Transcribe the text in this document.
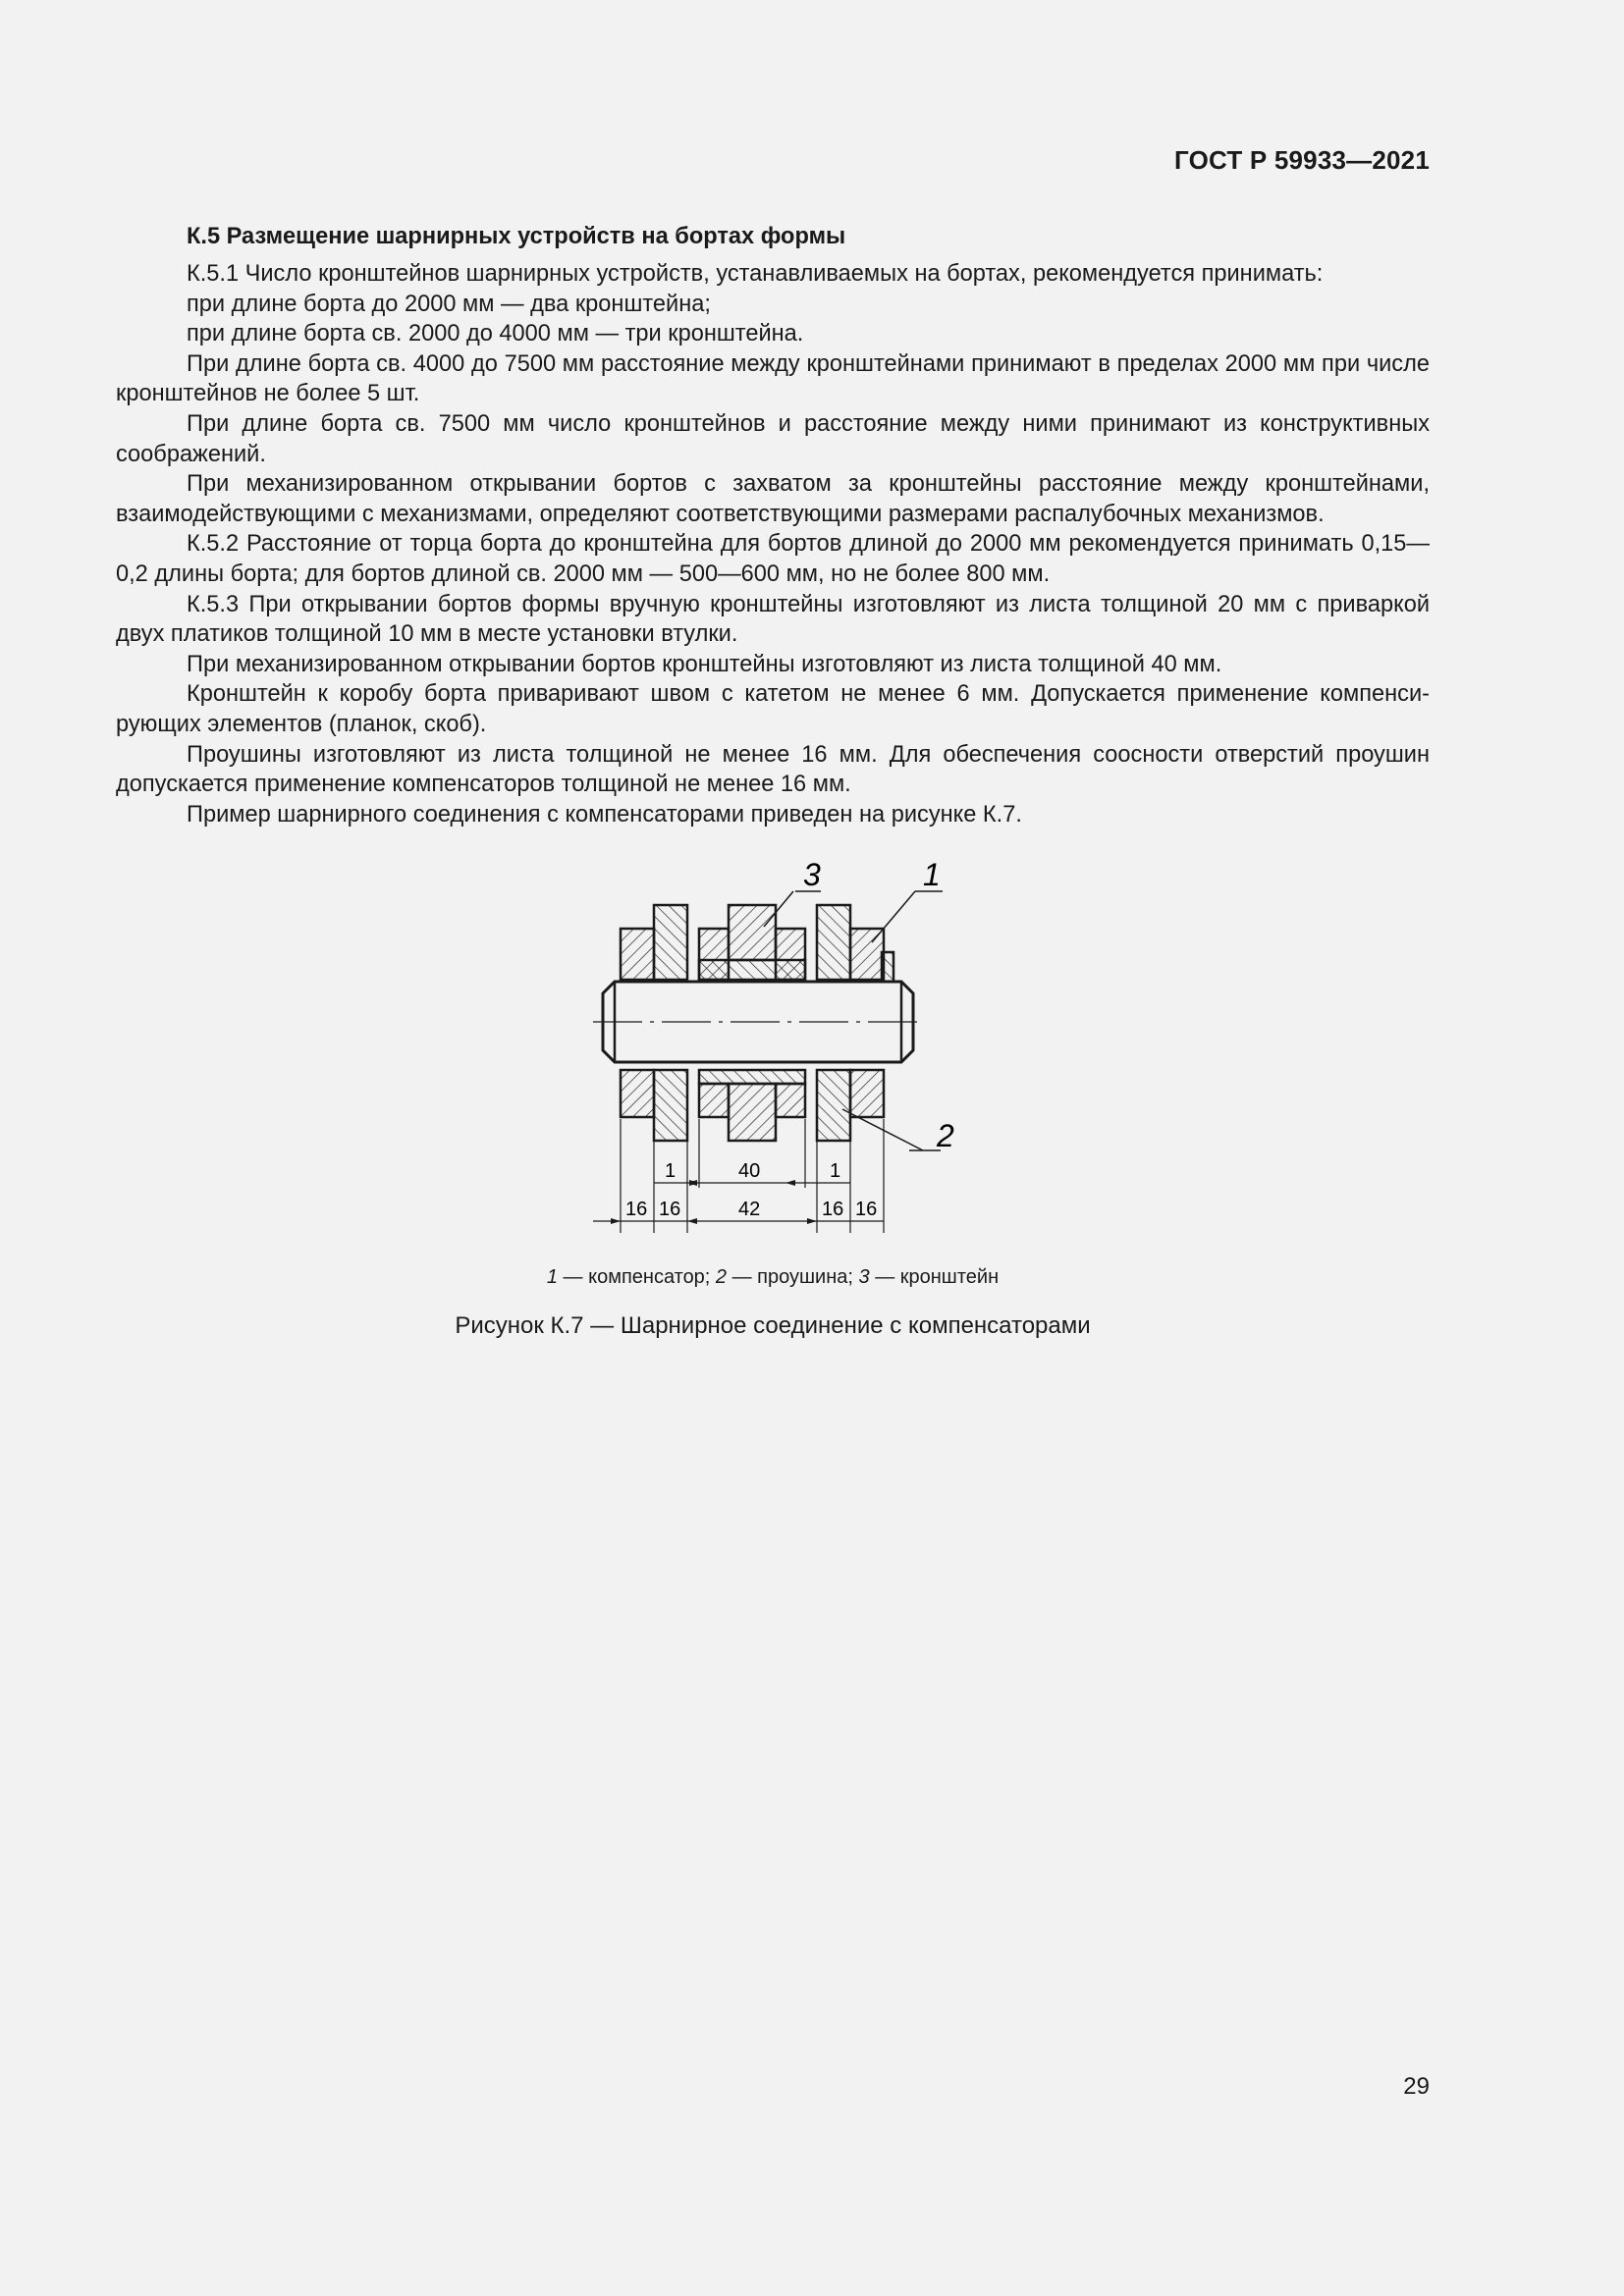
ГОСТ Р 59933—2021
К.5 Размещение шарнирных устройств на бортах формы

К.5.1 Число кронштейнов шарнирных устройств, устанавливаемых на бортах, рекомендуется принимать:

при длине борта до 2000 мм — два кронштейна;

при длине борта св. 2000 до 4000 мм — три кронштейна.

При длине борта св. 4000 до 7500 мм расстояние между кронштейнами принимают в пределах 2000 мм при числе кронштейнов не более 5 шт.

При длине борта св. 7500 мм число кронштейнов и расстояние между ними принимают из конструктивных соображений.

При механизированном открывании бортов с захватом за кронштейны расстояние между кронштейнами, взаимодействующими с механизмами, определяют соответствующими размерами распалубочных механизмов.

К.5.2 Расстояние от торца борта до кронштейна для бортов длиной до 2000 мм рекомендуется принимать 0,15—0,2 длины борта; для бортов длиной св. 2000 мм — 500—600 мм, но не более 800 мм.

К.5.3 При открывании бортов формы вручную кронштейны изготовляют из листа толщиной 20 мм с приваркой двух платиков толщиной 10 мм в месте установки втулки.

При механизированном открывании бортов кронштейны изготовляют из листа толщиной 40 мм.

Кронштейн к коробу борта приваривают швом с катетом не менее 6 мм. Допускается применение компенси-рующих элементов (планок, скоб).

Проушины изготовляют из листа толщиной не менее 16 мм. Для обеспечения соосности отверстий проушин допускается применение компенсаторов толщиной не менее 16 мм.

Пример шарнирного соединения с компенсаторами приведен на рисунке К.7.

3	1
2
1	40	1
16 16	42	16 16
1 — компенсатор; 2 — проушина; 3 — кронштейн
Рисунок К.7 — Шарнирное соединение с компенсаторами
29
